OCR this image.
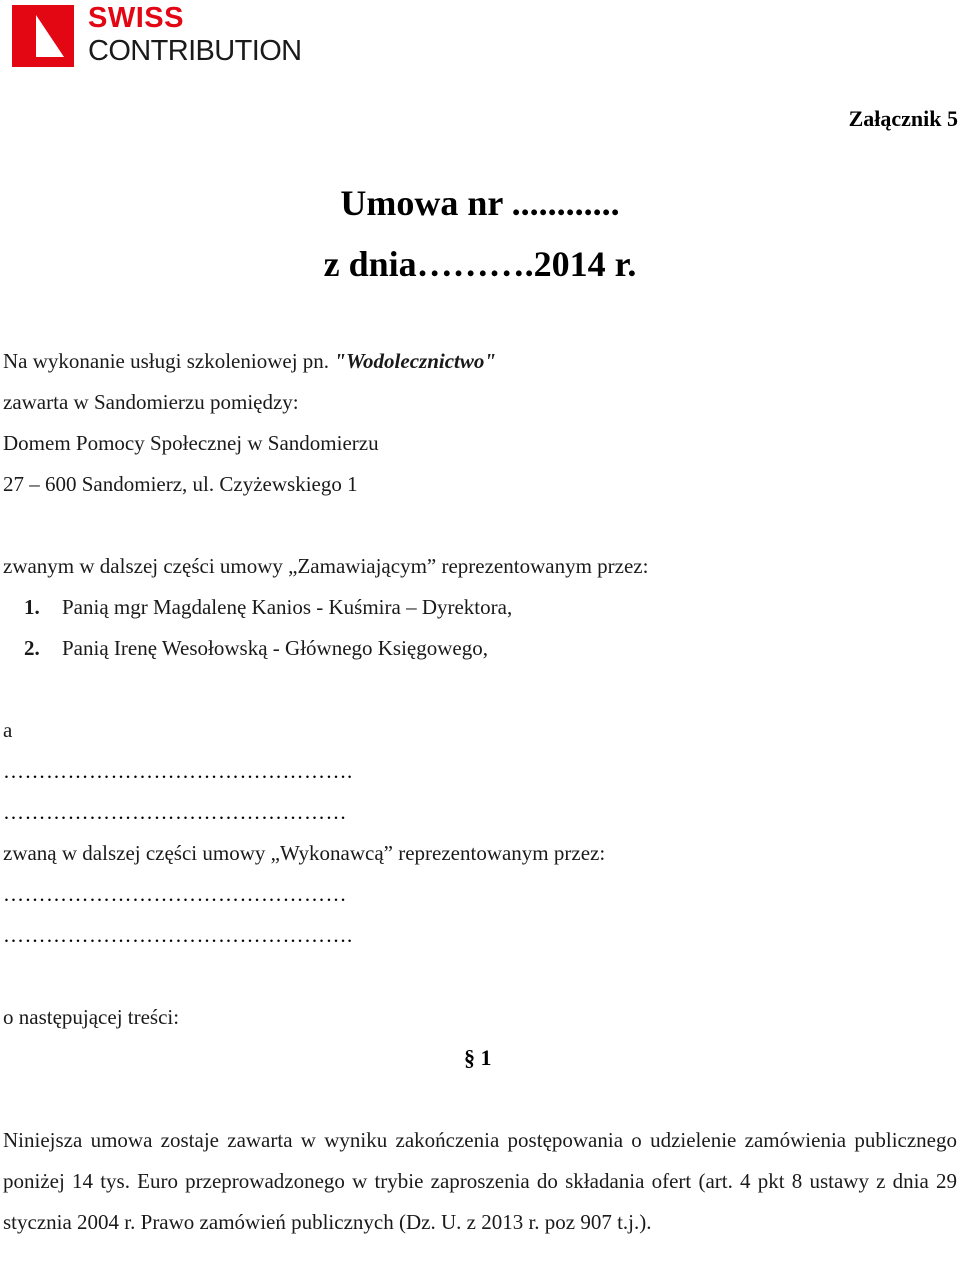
SWISS
CONTRIBUTION
Załącznik 5
Umowa nr ............
z dnia……….2014 r.
Na wykonanie usługi szkoleniowej pn. "Wodolecznictwo"
zawarta w Sandomierzu pomiędzy:
Domem Pomocy Społecznej w Sandomierzu
27 – 600 Sandomierz, ul. Czyżewskiego 1
zwanym w dalszej części umowy „Zamawiającym” reprezentowanym przez:
1. Panią mgr Magdalenę Kanios - Kuśmira – Dyrektora,
2. Panią Irenę Wesołowską - Głównego Księgowego,
a
………………………………………….
…………………………………………
zwaną w dalszej części umowy „Wykonawcą” reprezentowanym przez:
…………………………………………
………………………………………….
o następującej treści:
§ 1
Niniejsza umowa zostaje zawarta w wyniku zakończenia postępowania o udzielenie zamówienia publicznego poniżej 14 tys. Euro przeprowadzonego w trybie zaproszenia do składania ofert (art. 4 pkt 8 ustawy z dnia 29 stycznia 2004 r. Prawo zamówień publicznych (Dz. U. z 2013 r. poz 907 t.j.).
